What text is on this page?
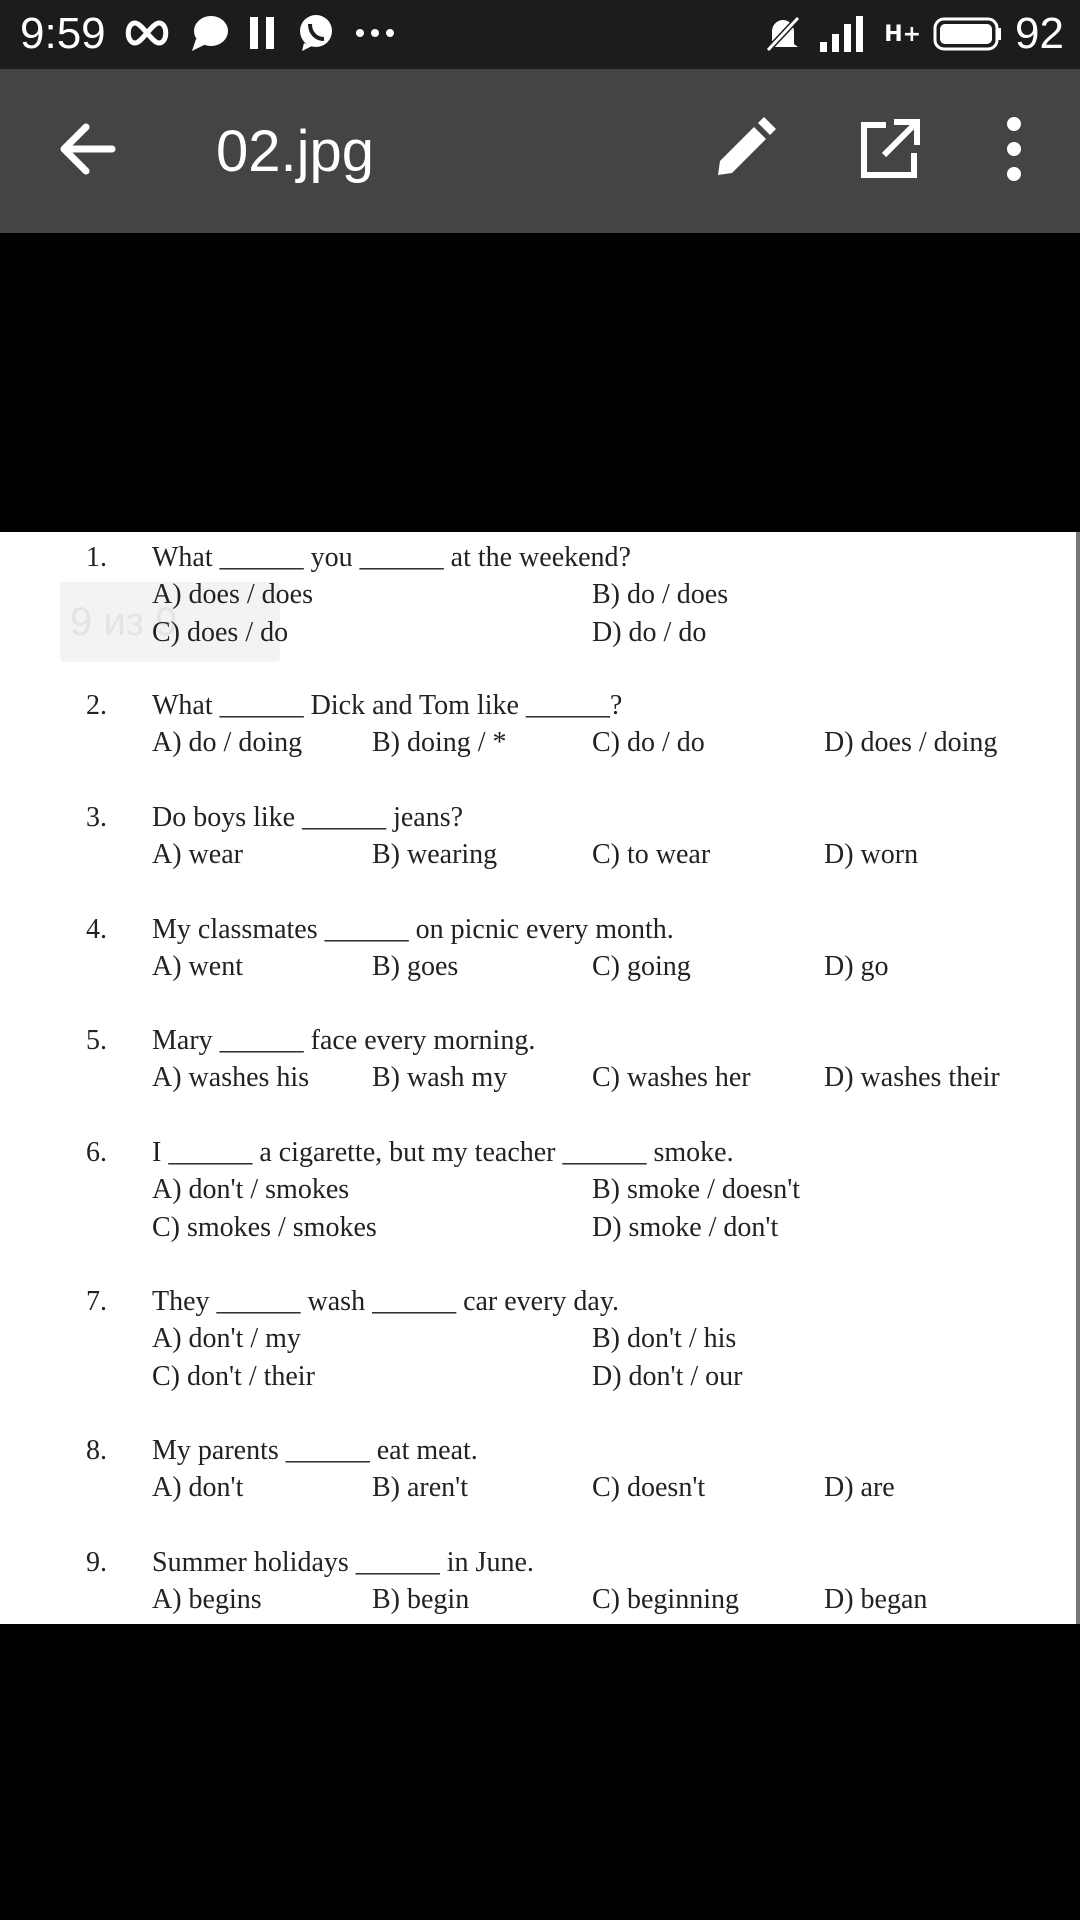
9:59	H+ 92
02.jpg
9 из 9
1. What ______ you ______ at the weekend?
A) does / does	B) do / does
C) does / do	D) do / do
2. What ______ Dick and Tom like ______?
A) do / doing B) doing / *	C) do / do	D) does / doing
3. Do boys like ______ jeans?
A) wear	B) wearing	C) to wear	D) worn
4. My classmates ______ on picnic every month.
A) went	B) goes	C) going	D) go
5. Mary ______ face every morning.
A) washes his B) wash my	C) washes her	D) washes their
6. I ______ a cigarette, but my teacher ______ smoke.
A) don't / smokes	B) smoke / doesn't
C) smokes / smokes	D) smoke / don't
7. They ______ wash ______ car every day.
A) don't / my	B) don't / his
C) don't / their	D) don't / our
8. My parents ______ eat meat.
A) don't	B) aren't	C) doesn't	D) are
9. Summer holidays ______ in June.
A) begins	B) begin	C) beginning	D) began
